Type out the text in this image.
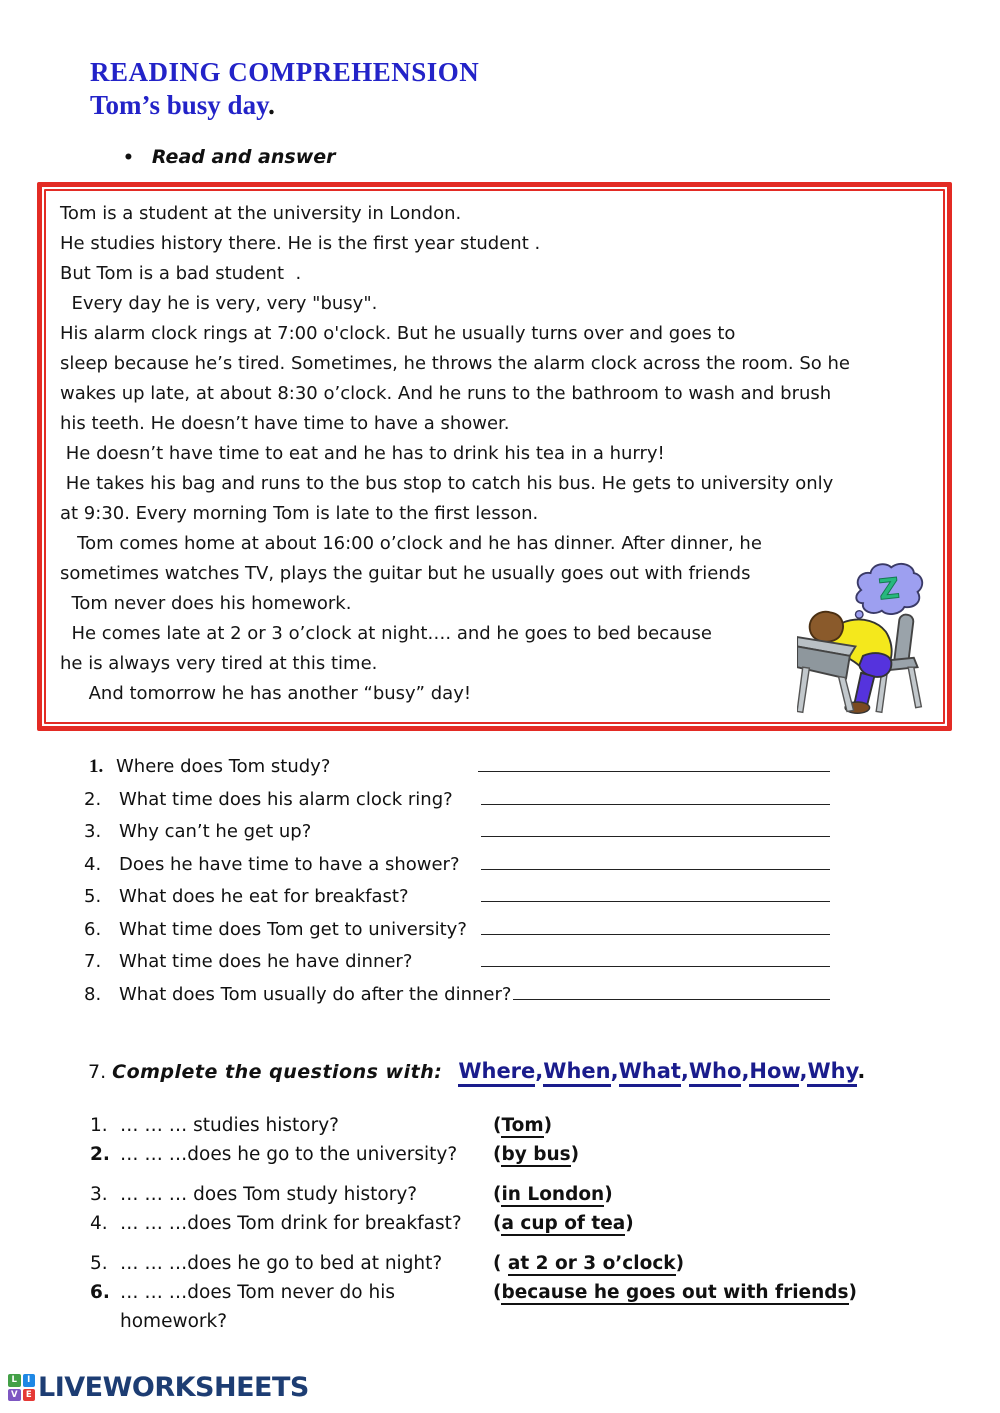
READING COMPREHENSION
Tom’s busy day.
• Read and answer
Tom is a student at the university in London.
He studies history there. He is the first year student .
But Tom is a bad student  .
Every day he is very, very "busy".
His alarm clock rings at 7:00 o'clock. But he usually turns over and goes to
sleep because he’s tired. Sometimes, he throws the alarm clock across the room. So he
wakes up late, at about 8:30 o’clock. And he runs to the bathroom to wash and brush
his teeth. He doesn’t have time to have a shower.
He doesn’t have time to eat and he has to drink his tea in a hurry!
He takes his bag and runs to the bus stop to catch his bus. He gets to university only
at 9:30. Every morning Tom is late to the first lesson.
Tom comes home at about 16:00 o’clock and he has dinner. After dinner, he
sometimes watches TV, plays the guitar but he usually goes out with friends
Tom never does his homework.
He comes late at 2 or 3 o’clock at night…. and he goes to bed because
he is always very tired at this time.
And tomorrow he has another “busy” day!
Z
1. Where does Tom study?
2. What time does his alarm clock ring?
3. Why can’t he get up?
4. Does he have time to have a shower?
5. What does he eat for breakfast?
6. What time does Tom get to university?
7. What time does he have dinner?
8. What does Tom usually do after the dinner?
7. Complete the questions with: Where,When,What,Who,How,Why.
1. … … … studies history?	(Tom)
2. … … …does he go to the university?	(by bus)
3. … … … does Tom study history?	(in London)
4. … … …does Tom drink for breakfast?	(a cup of tea)
5. … … …does he go to bed at night?	( at 2 or 3 o’clock)
6. … … …does Tom never do his homework?
(because he goes out with friends)
L	I
V E LIVEWORKSHEETS
